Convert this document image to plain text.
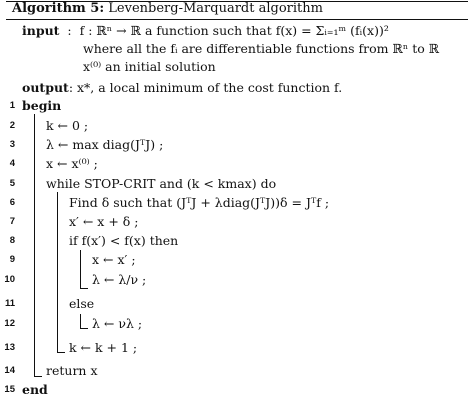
Algorithm 5: Levenberg-Marquardt algorithm
input  :  f : ℝⁿ → ℝ a function such that f(x) = Σᵢ₌₁ᵐ (fᵢ(x))²
where all the fᵢ are differentiable functions from ℝⁿ to ℝ
x⁽⁰⁾ an initial solution
output: x*, a local minimum of the cost function f.
1
2
3
4
5
6
7
8
9
10
11
12
13
14
15
begin
k ← 0 ;
λ ← max diag(JᵀJ) ;
x ← x⁽⁰⁾ ;
while STOP-CRIT and (k < kmax) do
Find δ such that (JᵀJ + λdiag(JᵀJ))δ = Jᵀf ;
x′ ← x + δ ;
if f(x′) < f(x) then
x ← x′ ;
λ ← λ/ν ;
else
λ ← νλ ;
k ← k + 1 ;
return x
end
